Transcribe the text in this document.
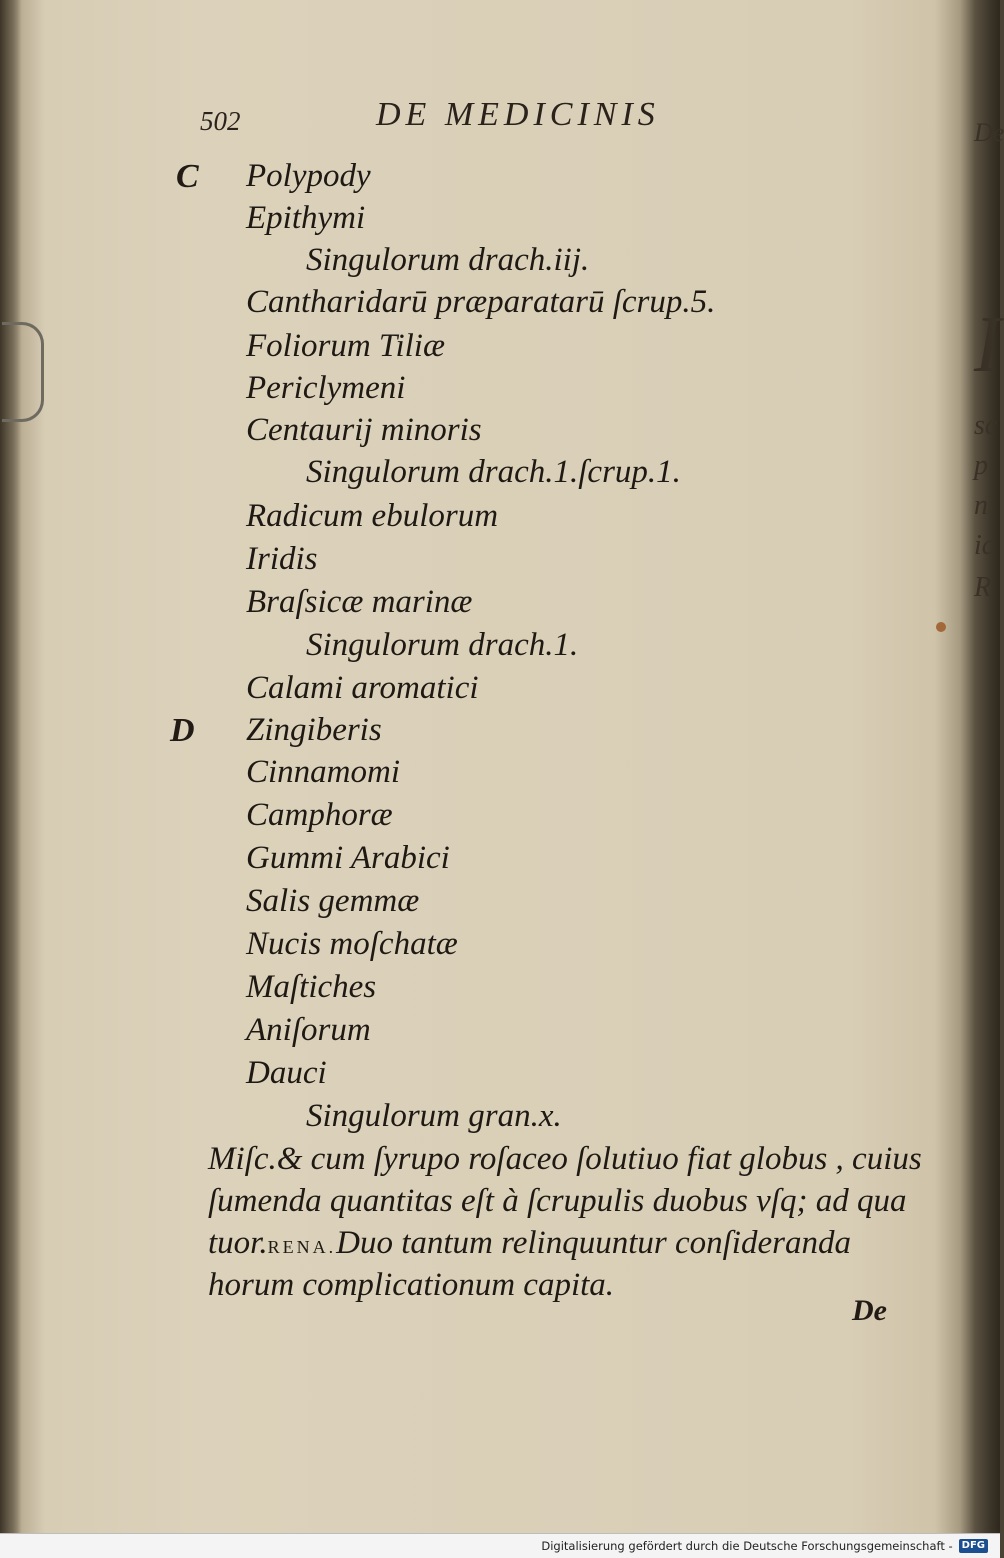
De
I
sc
p
n
ic
R
502	DE MEDICINIS
C Polypody
Epithymi
Singulorum drach.iij.
Cantharidarū præparatarū ſcrup.5.
Foliorum Tiliæ
Periclymeni
Centaurij minoris
Singulorum drach.1.ſcrup.1.
Radicum ebulorum
Iridis
Braſsicæ marinæ
Singulorum drach.1.
Calami aromatici
D Zingiberis
Cinnamomi
Camphoræ
Gummi Arabici
Salis gemmæ
Nucis moſchatæ
Maſtiches
Aniſorum
Dauci
Singulorum gran.x.
Miſc.& cum ſyrupo roſaceo ſolutiuo fiat globus , cuius
ſumenda quantitas eſt à ſcrupulis duobus vſq; ad qua
tuor.RENA.Duo tantum relinquuntur conſideranda
horum complicationum capita.
De
Digitalisierung gefördert durch die Deutsche Forschungsgemeinschaft - DFG
